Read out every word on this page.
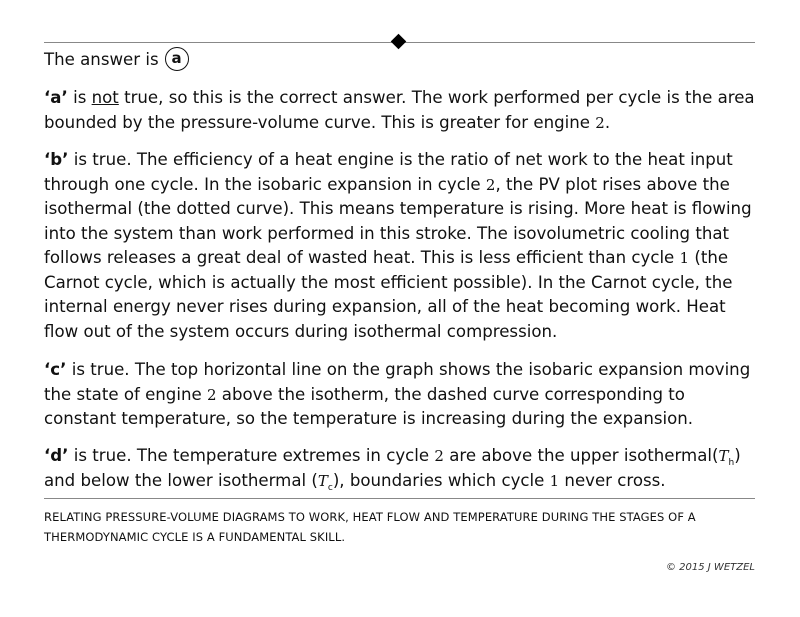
The answer is a
‘a’ is not true, so this is the correct answer. The work performed per cycle is the area bounded by the pressure-volume curve. This is greater for engine 2.
‘b’ is true. The efficiency of a heat engine is the ratio of net work to the heat input through one cycle. In the isobaric expansion in cycle 2, the PV plot rises above the isothermal (the dotted curve). This means temperature is rising. More heat is flowing into the system than work performed in this stroke. The isovolumetric cooling that follows releases a great deal of wasted heat. This is less efficient than cycle 1 (the Carnot cycle, which is actually the most efficient possible). In the Carnot cycle, the internal energy never rises during expansion, all of the heat becoming work. Heat flow out of the system occurs during isothermal compression.
‘c’ is true. The top horizontal line on the graph shows the isobaric expansion moving the state of engine 2 above the isotherm, the dashed curve corresponding to constant temperature, so the temperature is increasing during the expansion.
‘d’ is true. The temperature extremes in cycle 2 are above the upper $isothermal(T_h)$ and below the lower isothermal $(T_c)$, boundaries which cycle 1 never cross.
RELATING PRESSURE-VOLUME DIAGRAMS TO WORK, HEAT FLOW AND TEMPERATURE DURING THE STAGES OF A THERMODYNAMIC CYCLE IS A FUNDAMENTAL SKILL.
© 2015 J WETZEL
